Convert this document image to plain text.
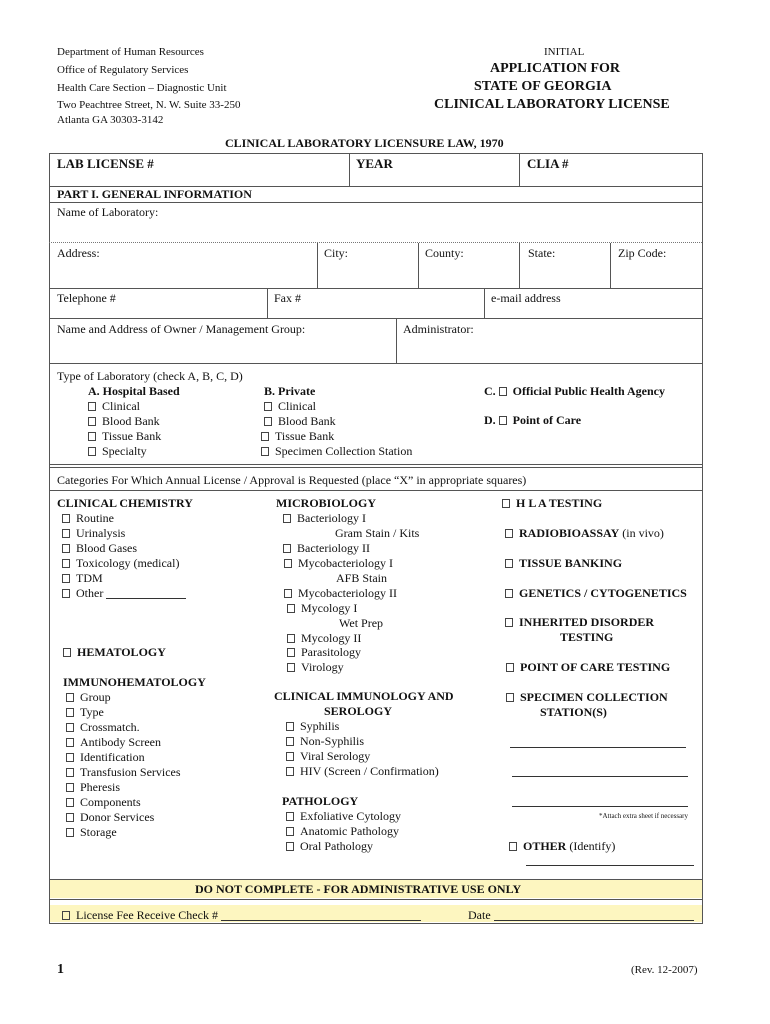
Department of Human Resources
Office of Regulatory Services
Health Care Section – Diagnostic Unit
Two Peachtree Street, N. W. Suite 33-250
Atlanta GA 30303-3142
INITIAL
APPLICATION FOR
STATE OF GEORGIA
CLINICAL LABORATORY LICENSE
CLINICAL LABORATORY LICENSURE LAW, 1970
LAB LICENSE #	YEAR	CLIA #
PART I. GENERAL INFORMATION
Name of Laboratory:
Address:	City:	County:	State:	Zip Code:
Telephone #	Fax #	e-mail address
Name and Address of Owner / Management Group:	Administrator:
Type of Laboratory (check A, B, C, D)
A. Hospital Based
Clinical
Blood Bank
Tissue Bank
Specialty
B. Private
Clinical
Blood Bank
Tissue Bank
Specimen Collection Station
C. Official Public Health Agency
D. Point of Care
Categories For Which Annual License / Approval is Requested (place “X” in appropriate squares)
CLINICAL CHEMISTRY
Routine
Urinalysis
Blood Gases
Toxicology (medical)
TDM
Other
HEMATOLOGY
IMMUNOHEMATOLOGY
Group
Type
Crossmatch.
Antibody Screen
Identification
Transfusion Services
Pheresis
Components
Donor Services
Storage
MICROBIOLOGY
Bacteriology I
Gram Stain / Kits
Bacteriology II
Mycobacteriology I
AFB Stain
Mycobacteriology II
Mycology I
Wet Prep
Mycology II
Parasitology
Virology
CLINICAL IMMUNOLOGY AND
SEROLOGY
Syphilis
Non-Syphilis
Viral Serology
HIV (Screen / Confirmation)
PATHOLOGY
Exfoliative Cytology
Anatomic Pathology
Oral Pathology
H L A TESTING
RADIOBIOASSAY (in vivo)
TISSUE BANKING
GENETICS / CYTOGENETICS
INHERITED DISORDER
TESTING
POINT OF CARE TESTING
SPECIMEN COLLECTION
STATION(S)
*Attach extra sheet if necessary
OTHER (Identify)
DO NOT COMPLETE - FOR ADMINISTRATIVE USE ONLY
License Fee Receive Check #	Date
1	(Rev. 12-2007)
